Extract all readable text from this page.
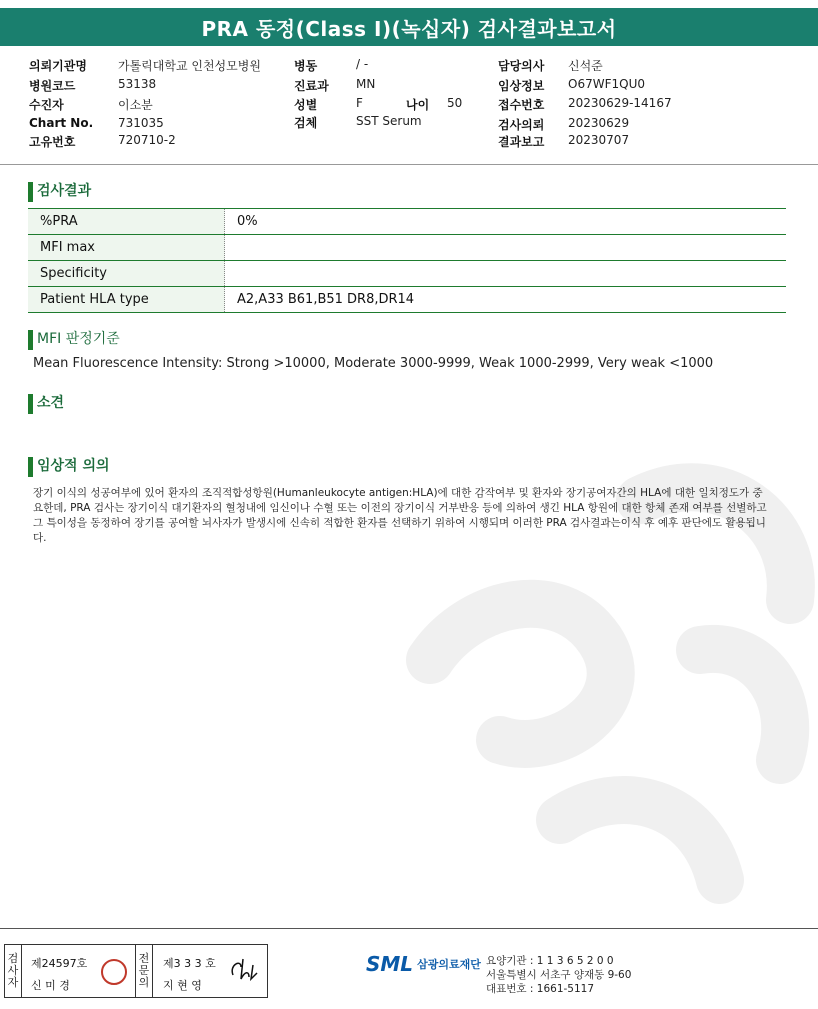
PRA 동정(Class I)(녹십자) 검사결과보고서
의뢰기관명	가톨릭대학교 인천성모병원
병원코드	53138
수진자	이소분
Chart No. 731035
고유번호	720710-2
병동	/ -
진료과 MN
성별	F	나이 50
검체	SST Serum
담당의사 신석준
임상정보 O67WF1QU0
접수번호 20230629-14167
검사의뢰 20230629
결과보고 20230707
검사결과
%PRA	0%
MFI max	
Specificity	
Patient HLA type	A2,A33 B61,B51 DR8,DR14
MFI 판정기준
Mean Fluorescence Intensity: Strong >10000, Moderate 3000-9999, Weak 1000-2999, Very weak <1000
소견
임상적 의의
장기 이식의 성공여부에 있어 환자의 조직적합성항원(Humanleukocyte antigen:HLA)에 대한 감작여부 및 환자와 장기공여자간의 HLA에 대한 일치정도가 중요한데, PRA 검사는 장기이식 대기환자의 혈청내에 임신이나 수혈 또는 이전의 장기이식 거부반응 등에 의하여 생긴 HLA 항원에 대한 항체 존재 여부를 선별하고 그 특이성을 동정하여 장기를 공여할 뇌사자가 발생시에 신속히 적합한 환자를 선택하기 위하여 시행되며 이러한 PRA 검사결과는이식 후 예후 판단에도 활용됩니다.
검
사
자
제24597호
신 미 경
전
문
의
제3 3 3 호
지 현 영
SML 삼광의료재단 요양기관 : 1 1 3 6 5 2 0 0
서울특별시 서초구 양재동 9-60
대표번호 : 1661-5117
